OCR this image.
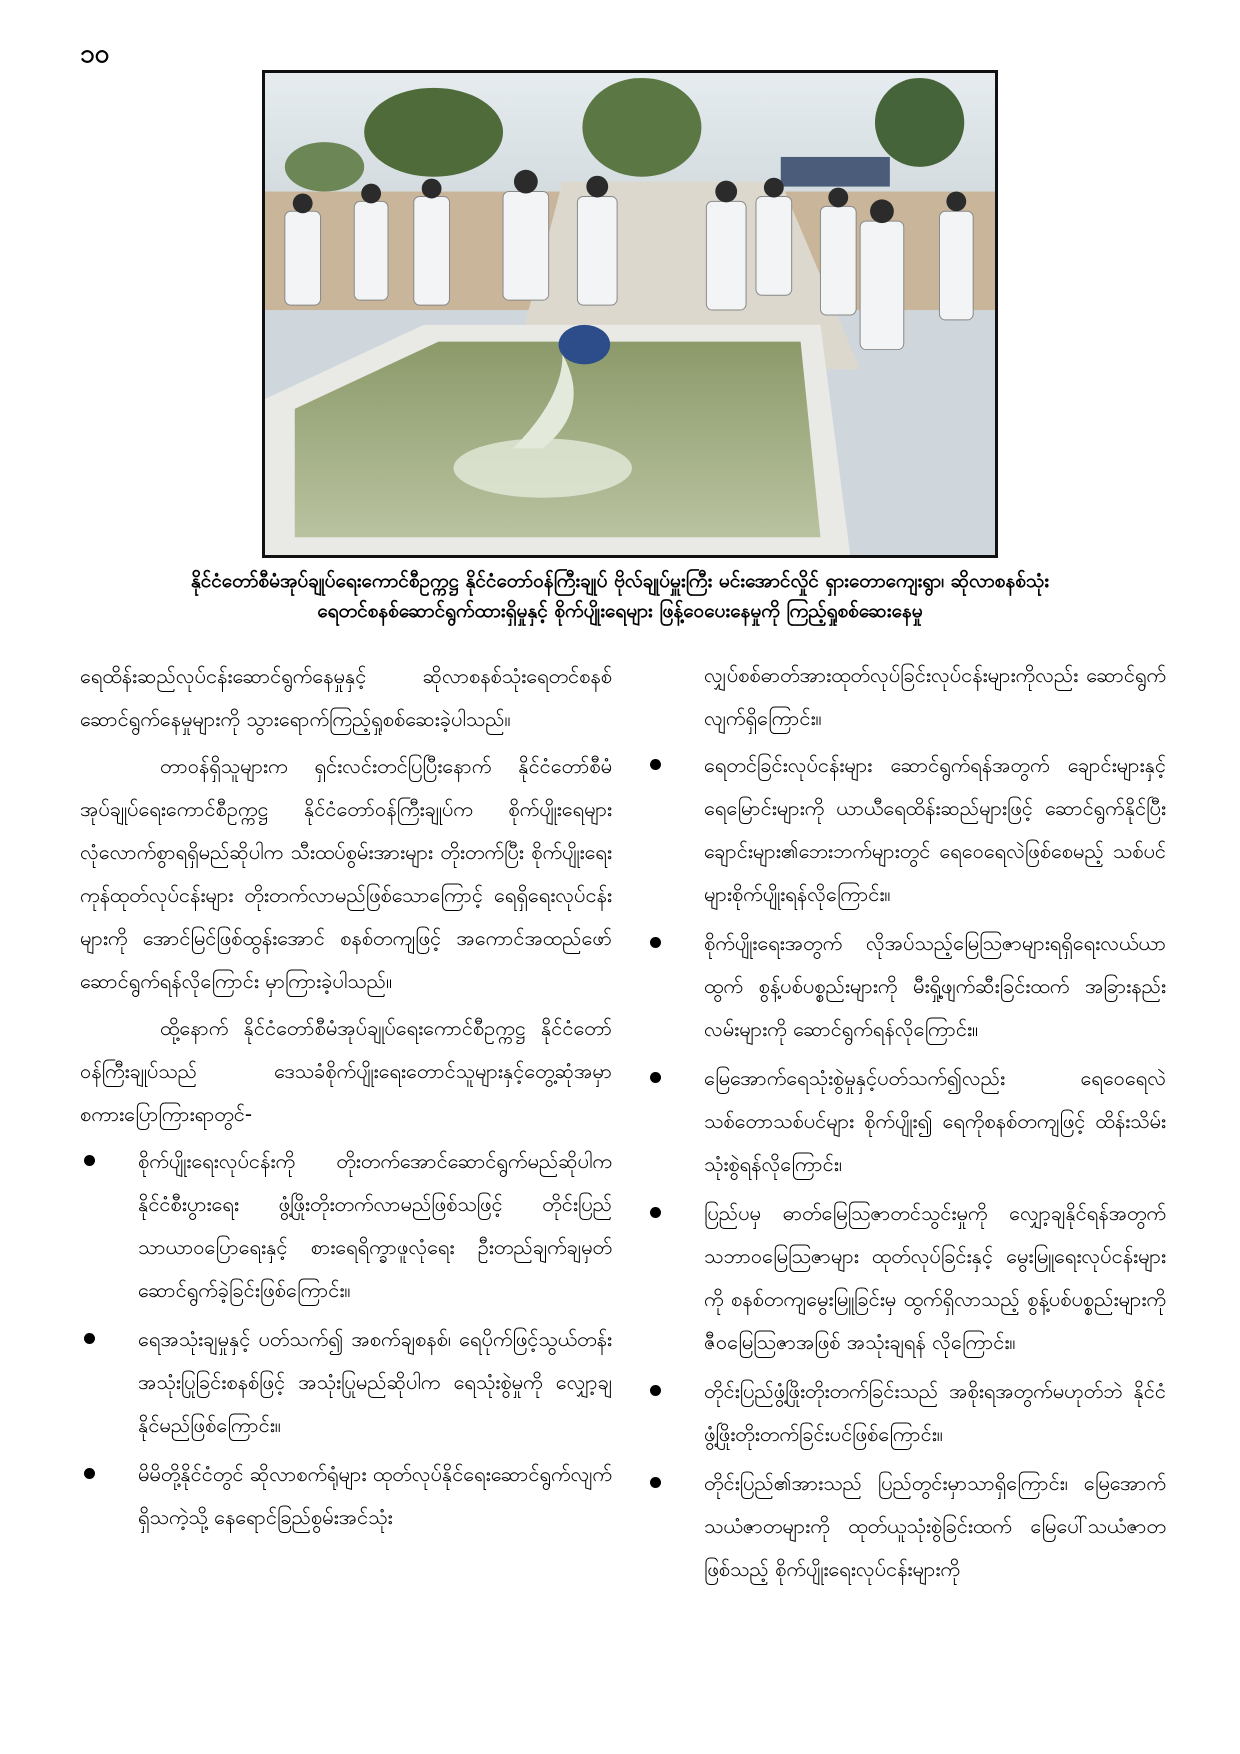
၁၀
နိုင်ငံတော်စီမံအုပ်ချုပ်ရေးကောင်စီဥက္ကဋ္ဌ နိုင်ငံတော်ဝန်ကြီးချုပ် ဗိုလ်ချုပ်မှူးကြီး မင်းအောင်လှိုင် ရှားတောကျေးရွာ၊ ဆိုလာစနစ်သုံး
ရေတင်စနစ်ဆောင်ရွက်ထားရှိမှုနှင့် စိုက်ပျိုးရေများ ဖြန့်ဝေပေးနေမှုကို ကြည့်ရှုစစ်ဆေးနေမှု

ရေထိန်းဆည်လုပ်ငန်းဆောင်ရွက်နေမှုနှင့် ဆိုလာစနစ်သုံးရေတင်စနစ် ဆောင်ရွက်နေမှုများကို သွားရောက်ကြည့်ရှုစစ်ဆေးခဲ့ပါသည်။

တာဝန်ရှိသူများက ရှင်းလင်းတင်ပြပြီးနောက် နိုင်ငံတော်စီမံအုပ်ချုပ်ရေးကောင်စီဥက္ကဋ္ဌ နိုင်ငံတော်ဝန်ကြီးချုပ်က စိုက်ပျိုးရေများလုံလောက်စွာရရှိမည်ဆိုပါက သီးထပ်စွမ်းအားများ တိုးတက်ပြီး စိုက်ပျိုးရေးကုန်ထုတ်လုပ်ငန်းများ တိုးတက်လာမည်ဖြစ်သောကြောင့် ရေရှိရေးလုပ်ငန်းများကို အောင်မြင်ဖြစ်ထွန်းအောင် စနစ်တကျဖြင့် အကောင်အထည်ဖော်ဆောင်ရွက်ရန်လိုကြောင်း မှာကြားခဲ့ပါသည်။

ထို့နောက် နိုင်ငံတော်စီမံအုပ်ချုပ်ရေးကောင်စီဥက္ကဋ္ဌ နိုင်ငံတော်ဝန်ကြီးချုပ်သည် ဒေသခံစိုက်ပျိုးရေးတောင်သူများနှင့်တွေ့ဆုံအမှာစကားပြောကြားရာတွင်-

စိုက်ပျိုးရေးလုပ်ငန်းကို တိုးတက်အောင်ဆောင်ရွက်မည်ဆိုပါက နိုင်ငံစီးပွားရေး ဖွံ့ဖြိုးတိုးတက်လာမည်ဖြစ်သဖြင့် တိုင်းပြည်သာယာဝပြောရေးနှင့် စားရေရိက္ခာဖူလုံရေး ဦးတည်ချက်ချမှတ်ဆောင်ရွက်ခဲ့ခြင်းဖြစ်ကြောင်း။
ရေအသုံးချမှုနှင့် ပတ်သက်၍ အစက်ချစနစ်၊ ရေပိုက်ဖြင့်သွယ်တန်းအသုံးပြုခြင်းစနစ်ဖြင့် အသုံးပြုမည်ဆိုပါက ရေသုံးစွဲမှုကို လျှော့ချနိုင်မည်ဖြစ်ကြောင်း။
မိမိတို့နိုင်ငံတွင် ဆိုလာစက်ရုံများ ထုတ်လုပ်နိုင်ရေးဆောင်ရွက်လျက်ရှိသကဲ့သို့ နေရောင်ခြည်စွမ်းအင်သုံး

လျှပ်စစ်ဓာတ်အားထုတ်လုပ်ခြင်းလုပ်ငန်းများကိုလည်း ဆောင်ရွက်လျက်ရှိကြောင်း။

ရေတင်ခြင်းလုပ်ငန်းများ ဆောင်ရွက်ရန်အတွက် ချောင်းများနှင့် ရေမြောင်းများကို ယာယီရေထိန်းဆည်များဖြင့် ဆောင်ရွက်နိုင်ပြီး ချောင်းများ၏ဘေးဘက်များတွင် ရေဝေရေလဲဖြစ်စေမည့် သစ်ပင်များစိုက်ပျိုးရန်လိုကြောင်း။
စိုက်ပျိုးရေးအတွက် လိုအပ်သည့်မြေဩဇာများရရှိရေးလယ်ယာထွက် စွန့်ပစ်ပစ္စည်းများကို မီးရှို့ဖျက်ဆီးခြင်းထက် အခြားနည်းလမ်းများကို ဆောင်ရွက်ရန်လိုကြောင်း။
မြေအောက်ရေသုံးစွဲမှုနှင့်ပတ်သက်၍လည်း ရေဝေရေလဲသစ်တောသစ်ပင်များ စိုက်ပျိုး၍ ရေကိုစနစ်တကျဖြင့် ထိန်းသိမ်းသုံးစွဲရန်လိုကြောင်း၊
ပြည်ပမှ ဓာတ်မြေဩဇာတင်သွင်းမှုကို လျှော့ချနိုင်ရန်အတွက် သဘာဝမြေဩဇာများ ထုတ်လုပ်ခြင်းနှင့် မွေးမြူရေးလုပ်ငန်းများကို စနစ်တကျမွေးမြူခြင်းမှ ထွက်ရှိလာသည့် စွန့်ပစ်ပစ္စည်းများကို ဇီဝမြေဩဇာအဖြစ် အသုံးချရန် လိုကြောင်း။
တိုင်းပြည်ဖွံ့ဖြိုးတိုးတက်ခြင်းသည် အစိုးရအတွက်မဟုတ်ဘဲ နိုင်ငံဖွံ့ဖြိုးတိုးတက်ခြင်းပင်ဖြစ်ကြောင်း။
တိုင်းပြည်၏အားသည် ပြည်တွင်းမှာသာရှိကြောင်း၊ မြေအောက် သယံဇာတများကို ထုတ်ယူသုံးစွဲခြင်းထက် မြေပေါ်သယံဇာတဖြစ်သည့် စိုက်ပျိုးရေးလုပ်ငန်းများကို
